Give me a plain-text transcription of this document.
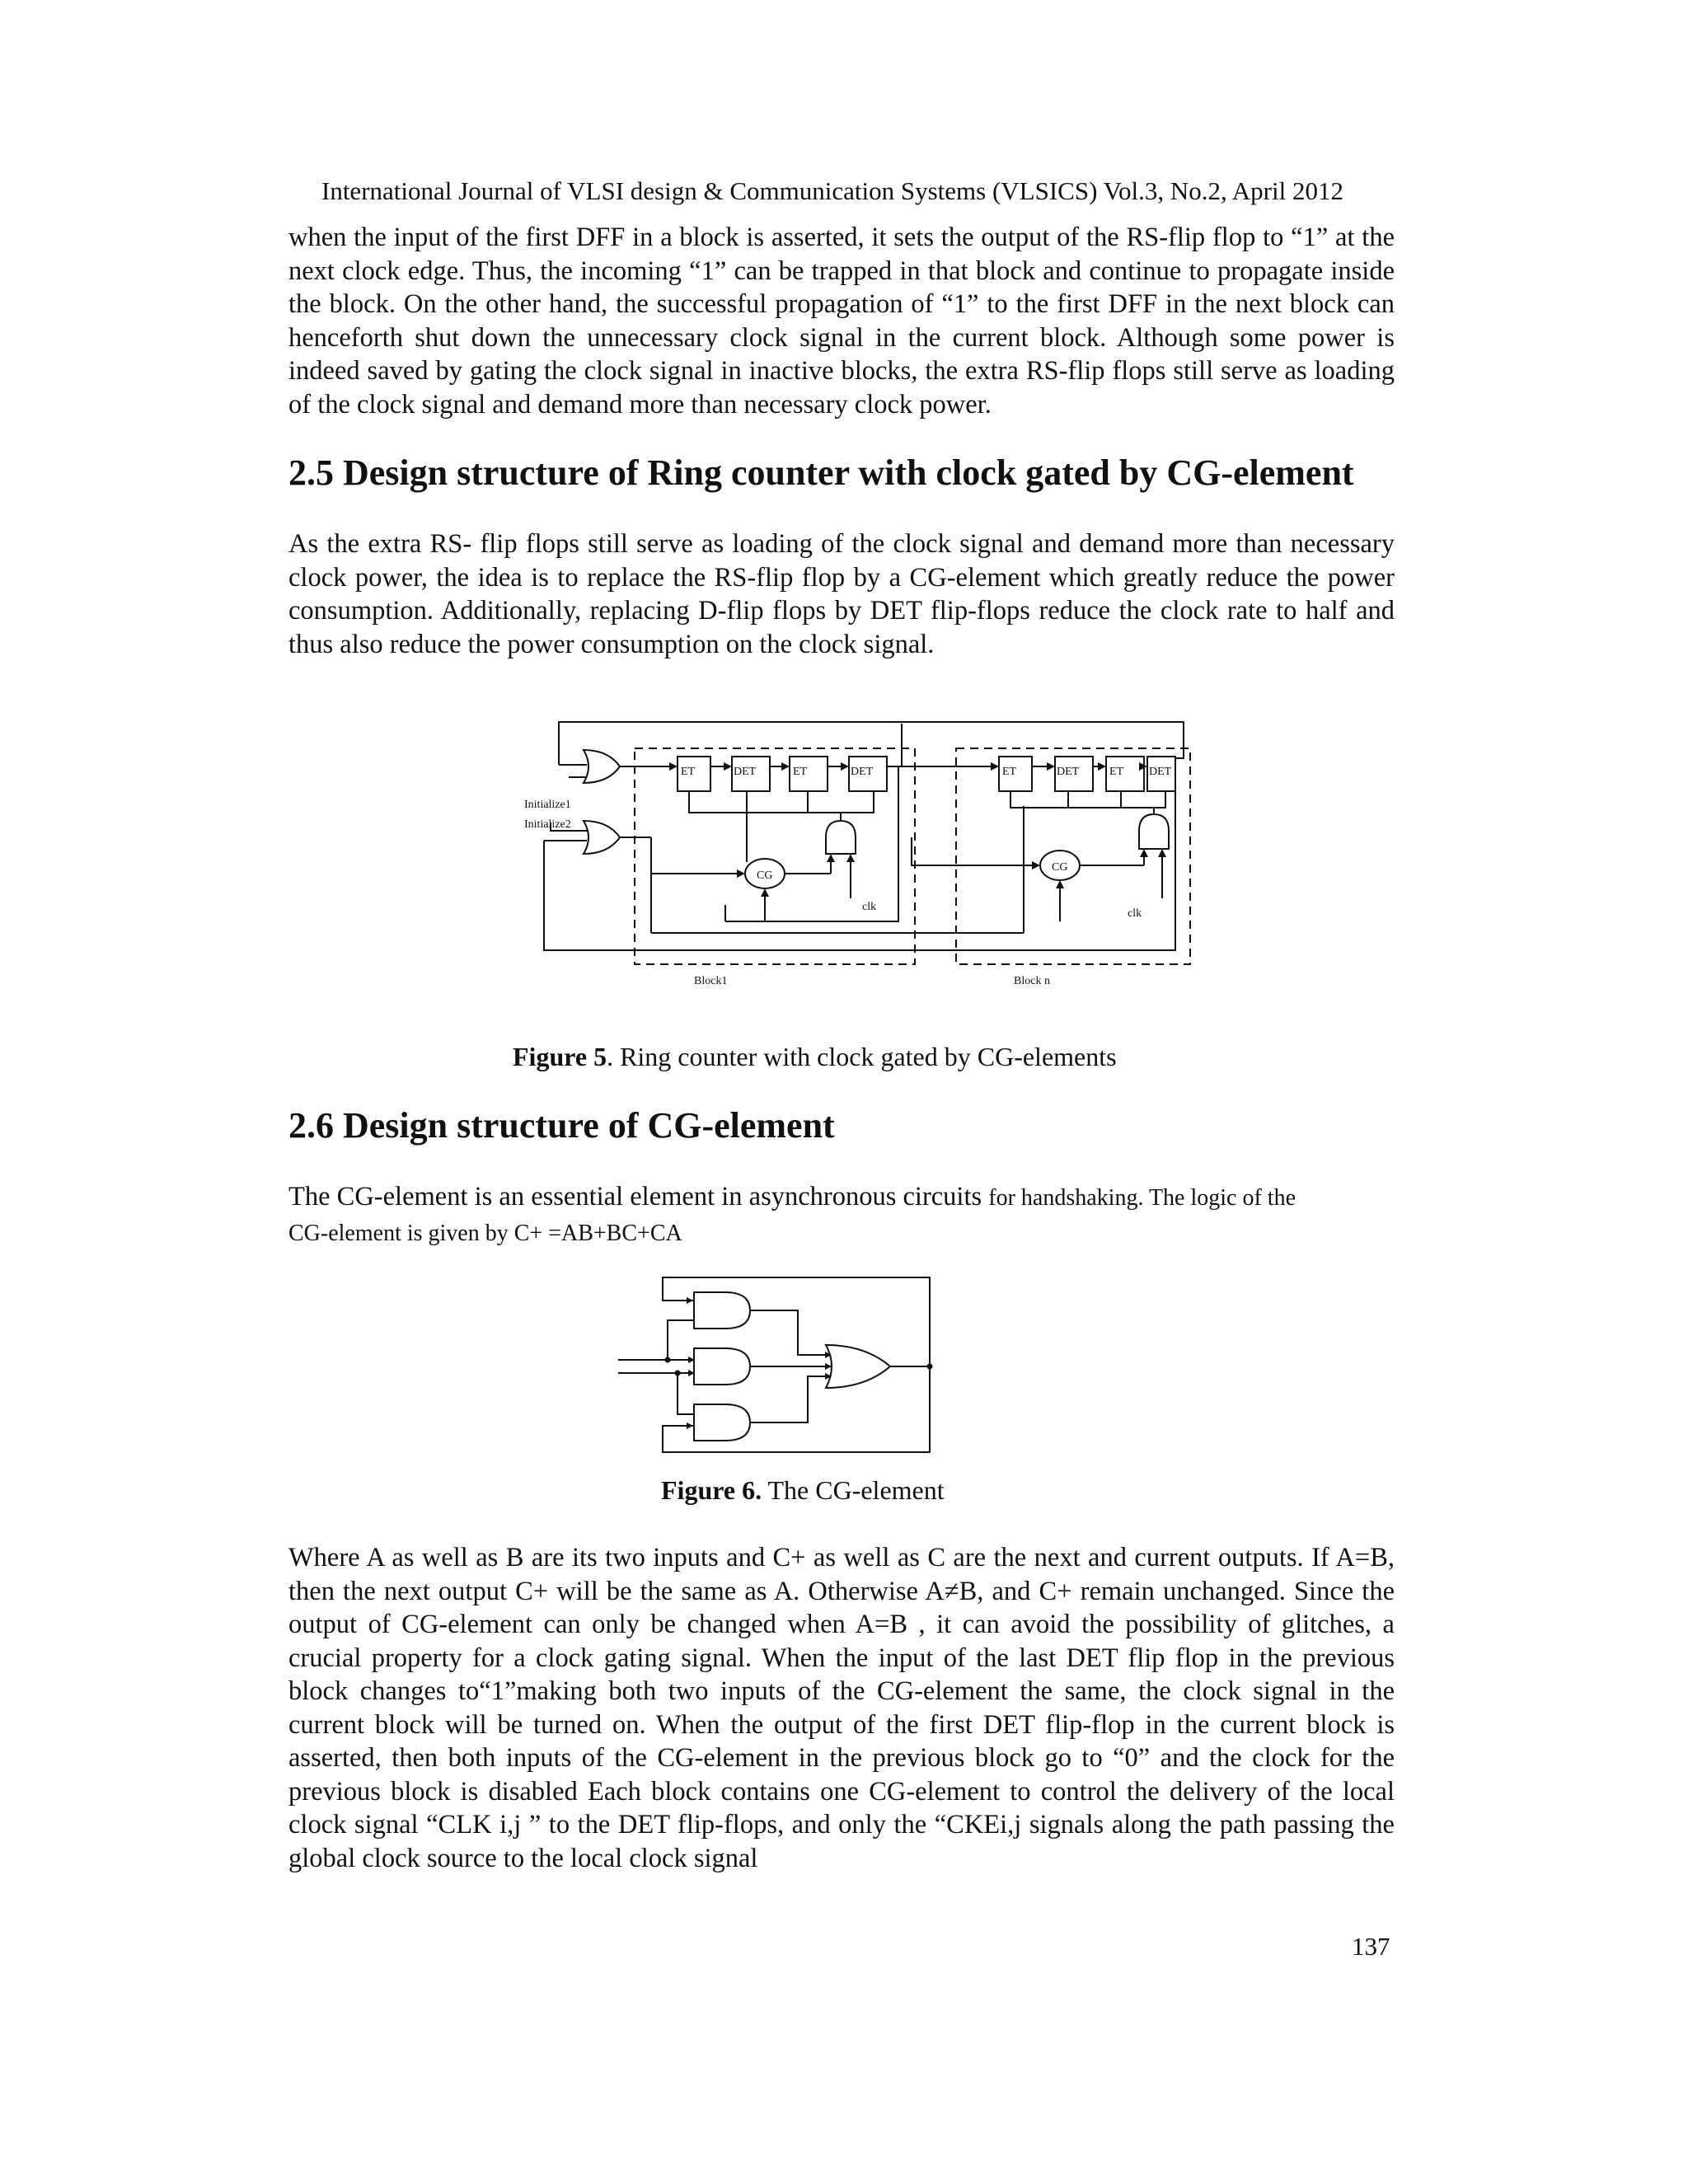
International Journal of VLSI design & Communication Systems (VLSICS) Vol.3, No.2, April 2012

when the input of the first DFF in a block is asserted, it sets the output of the RS-flip flop to “1” at the next clock edge. Thus, the incoming “1” can be trapped in that block and continue to propagate inside the block. On the other hand, the successful propagation of “1” to the first DFF in the next block can henceforth shut down the unnecessary clock signal in the current block. Although some power is indeed saved by gating the clock signal in inactive blocks, the extra RS-flip flops still serve as loading of the clock signal and demand more than necessary clock power.

2.5 Design structure of Ring counter with clock gated by CG-element

As the extra RS- flip flops still serve as loading of the clock signal and demand more than necessary clock power, the idea is to replace the RS-flip flop by a CG-element which greatly reduce the power consumption. Additionally, replacing D-flip flops by DET flip-flops reduce the clock rate to half and thus also reduce the power consumption on the clock signal.

Initialize1
Initialize2
ET	DET	ET	DET	ET	DET	ET DET
CG
CG
clk
clk
Block1	Block n
Figure 5. Ring counter with clock gated by CG-elements
2.6 Design structure of CG-element

The CG-element is an essential element in asynchronous circuits for handshaking. The logic of the
CG-element is given by C+ =AB+BC+CA

Figure 6. The CG-element

Where A as well as B are its two inputs and C+ as well as C are the next and current outputs. If A=B, then the next output C+ will be the same as A. Otherwise A≠B, and C+ remain unchanged. Since the output of CG-element can only be changed when A=B , it can avoid the possibility of glitches, a crucial property for a clock gating signal. When the input of the last DET flip flop in the previous block changes to“1”making both two inputs of the CG-element the same, the clock signal in the current block will be turned on. When the output of the first DET flip-flop in the current block is asserted, then both inputs of the CG-element in the previous block go to “0” and the clock for the previous block is disabled Each block contains one CG-element to control the delivery of the local clock signal “CLK i,j ” to the DET flip-flops, and only the “CKEi,j signals along the path passing the global clock source to the local clock signal

137
